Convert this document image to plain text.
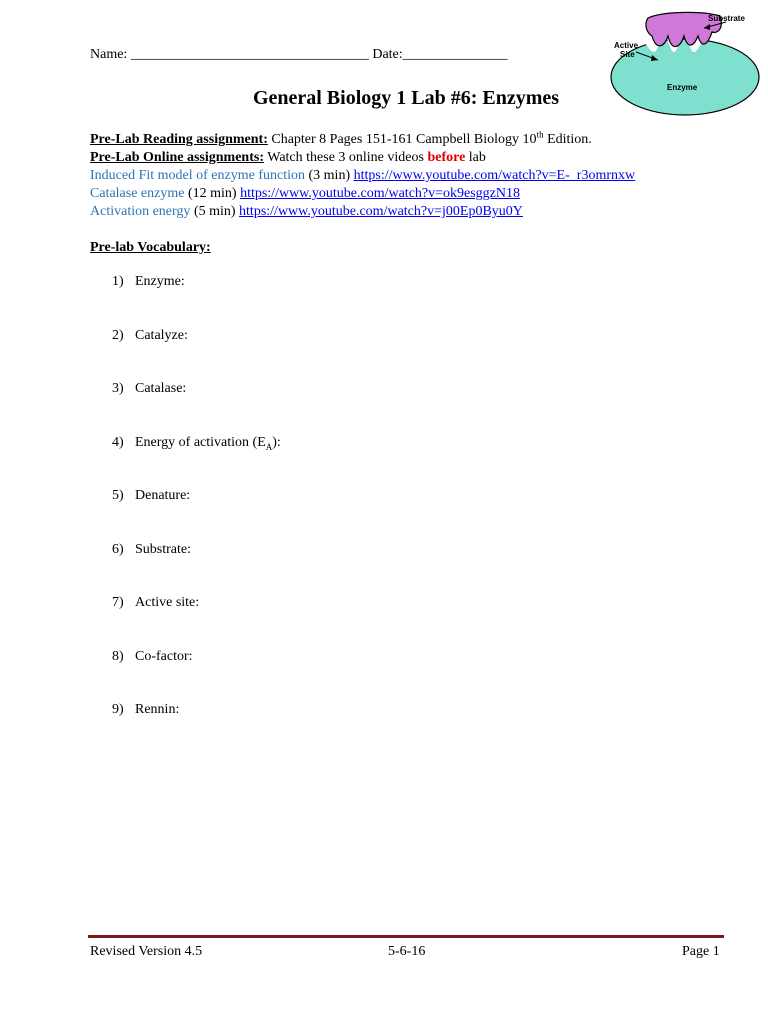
Name: __________________________________ Date:_______________
Substrate
Active
Site
Enzyme
General Biology 1 Lab #6: Enzymes
Pre-Lab Reading assignment: Chapter 8 Pages 151-161 Campbell Biology 10th Edition.
Pre-Lab Online assignments: Watch these 3 online videos before lab
Induced Fit model of enzyme function (3 min) https://www.youtube.com/watch?v=E-_r3omrnxw
Catalase enzyme (12 min) https://www.youtube.com/watch?v=ok9esggzN18
Activation energy (5 min) https://www.youtube.com/watch?v=j00Ep0Byu0Y
Pre-lab Vocabulary:
1) Enzyme:
2) Catalyze:
3) Catalase:
4) Energy of activation $(E_A)$:
5) Denature:
6) Substrate:
7) Active site:
8) Co-factor:
9) Rennin:
Revised Version 4.5	5-6-16	Page 1
